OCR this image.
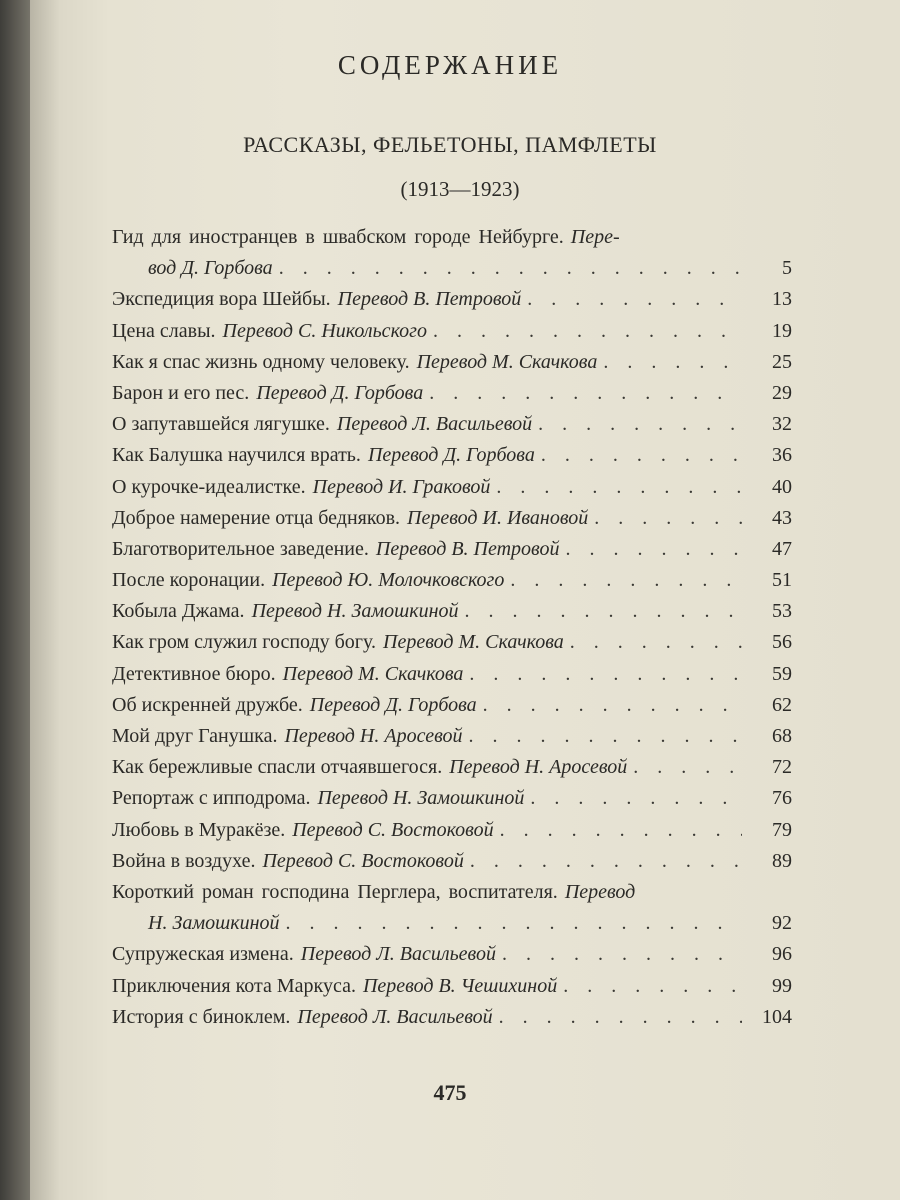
СОДЕРЖАНИЕ
РАССКАЗЫ, ФЕЛЬЕТОНЫ, ПАМФЛЕТЫ
(1913—1923)
Гид для иностранцев в швабском городе Нейбурге. Пере-
вод Д. Горбова . . .	5
Экспедиция вора Шейбы. Перевод В. Петровой . . .	13
Цена славы. Перевод С. Никольского . . .	19
Как я спас жизнь одному человеку. Перевод М. Скачкова . . .	25
Барон и его пес. Перевод Д. Горбова . . .	29
О запутавшейся лягушке. Перевод Л. Васильевой . . .	32
Как Балушка научился врать. Перевод Д. Горбова . . .	36
О курочке-идеалистке. Перевод И. Граковой . . .	40
Доброе намерение отца бедняков. Перевод И. Ивановой . . .	43
Благотворительное заведение. Перевод В. Петровой . . .	47
После коронации. Перевод Ю. Молочковского . . .	51
Кобыла Джама. Перевод Н. Замошкиной . . .	53
Как гром служил господу богу. Перевод М. Скачкова . . .	56
Детективное бюро. Перевод М. Скачкова . . .	59
Об искренней дружбе. Перевод Д. Горбова . . .	62
Мой друг Ганушка. Перевод Н. Аросевой . . .	68
Как бережливые спасли отчаявшегося. Перевод Н. Аросевой . . .	72
Репортаж с ипподрома. Перевод Н. Замошкиной . . .	76
Любовь в Муракёзе. Перевод С. Востоковой . . .	79
Война в воздухе. Перевод С. Востоковой . . .	89
Короткий роман господина Перглера, воспитателя. Перевод
Н. Замошкиной . . .	92
Супружеская измена. Перевод Л. Васильевой . . .	96
Приключения кота Маркуса. Перевод В. Чешихиной . . .	99
История с биноклем. Перевод Л. Васильевой . . .	104
475
